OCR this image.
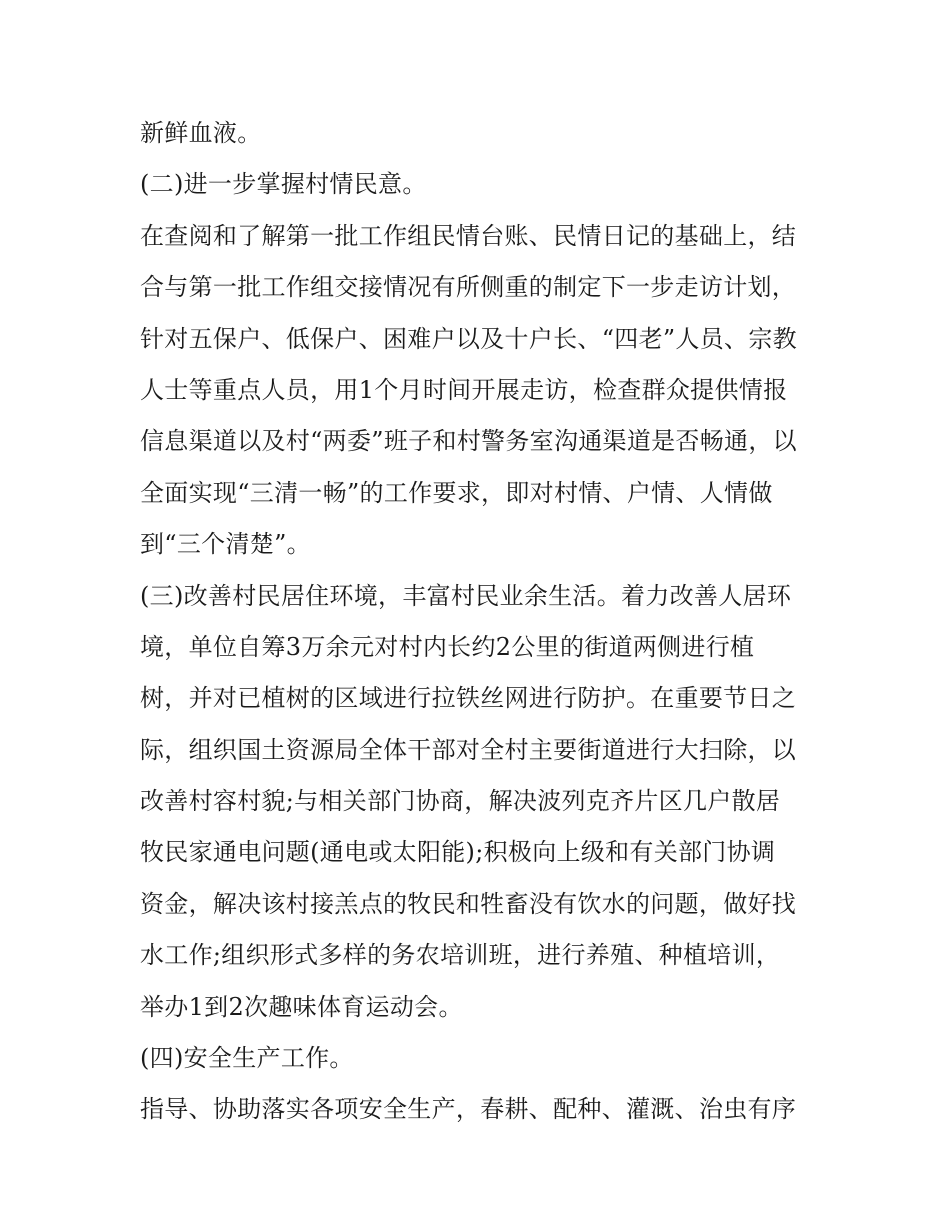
新鲜血液。
(二)进一步掌握村情民意。
在查阅和了解第一批工作组民情台账、民情日记的基础上，结
合与第一批工作组交接情况有所侧重的制定下一步走访计划，
针对五保户、低保户、困难户以及十户长、“四老”人员、宗教
人士等重点人员，用1个月时间开展走访，检查群众提供情报
信息渠道以及村“两委”班子和村警务室沟通渠道是否畅通，以
全面实现“三清一畅”的工作要求，即对村情、户情、人情做
到“三个清楚”。
(三)改善村民居住环境，丰富村民业余生活。着力改善人居环
境，单位自筹3万余元对村内长约2公里的街道两侧进行植
树，并对已植树的区域进行拉铁丝网进行防护。在重要节日之
际，组织国土资源局全体干部对全村主要街道进行大扫除，以
改善村容村貌;与相关部门协商，解决波列克齐片区几户散居
牧民家通电问题(通电或太阳能);积极向上级和有关部门协调
资金，解决该村接羔点的牧民和牲畜没有饮水的问题，做好找
水工作;组织形式多样的务农培训班，进行养殖、种植培训，
举办1到2次趣味体育运动会。
(四)安全生产工作。
指导、协助落实各项安全生产，春耕、配种、灌溉、治虫有序
